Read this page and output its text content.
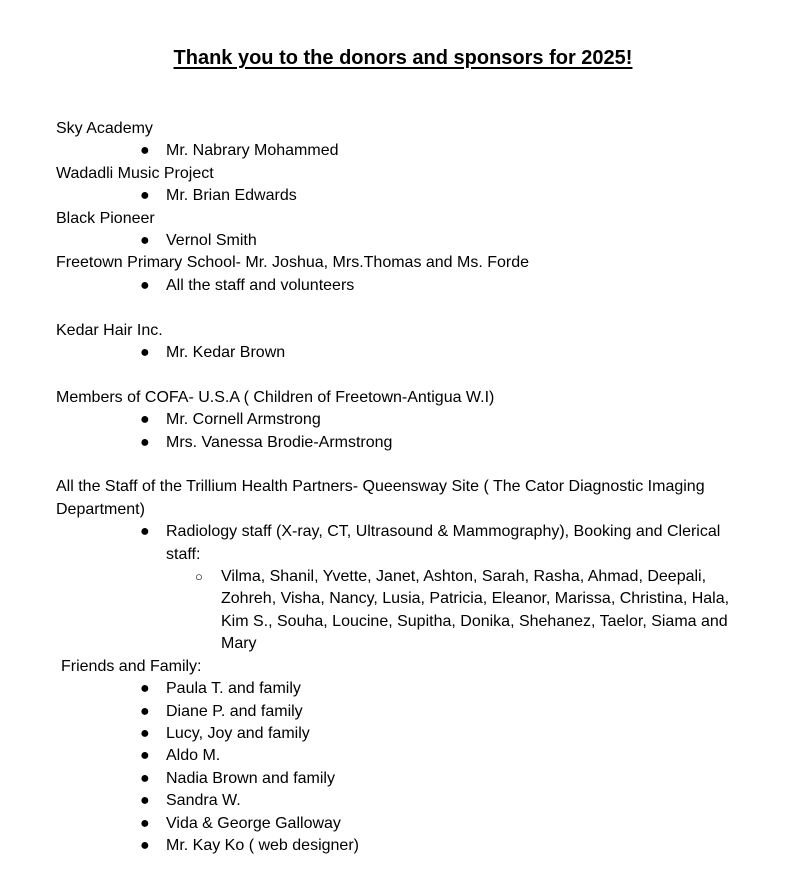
Thank you to the donors and sponsors for 2025!
Sky Academy
● Mr. Nabrary Mohammed
Wadadli Music Project
● Mr. Brian Edwards
Black Pioneer
● Vernol Smith
Freetown Primary School- Mr. Joshua, Mrs.Thomas and Ms. Forde
● All the staff and volunteers
Kedar Hair Inc.
● Mr. Kedar Brown
Members of COFA- U.S.A ( Children of Freetown-Antigua W.I)
● Mr. Cornell Armstrong
● Mrs. Vanessa Brodie-Armstrong
All the Staff of the Trillium Health Partners- Queensway Site ( The Cator Diagnostic Imaging Department)
● Radiology staff (X-ray, CT, Ultrasound & Mammography), Booking and Clerical staff:
○ Vilma, Shanil, Yvette, Janet, Ashton, Sarah, Rasha, Ahmad, Deepali, Zohreh, Visha, Nancy, Lusia, Patricia, Eleanor, Marissa, Christina, Hala, Kim S., Souha, Loucine, Supitha, Donika, Shehanez, Taelor, Siama and Mary
Friends and Family:
● Paula T. and family
● Diane P. and family
● Lucy, Joy and family
● Aldo M.
● Nadia Brown and family
● Sandra W.
● Vida & George Galloway
● Mr. Kay Ko ( web designer)
